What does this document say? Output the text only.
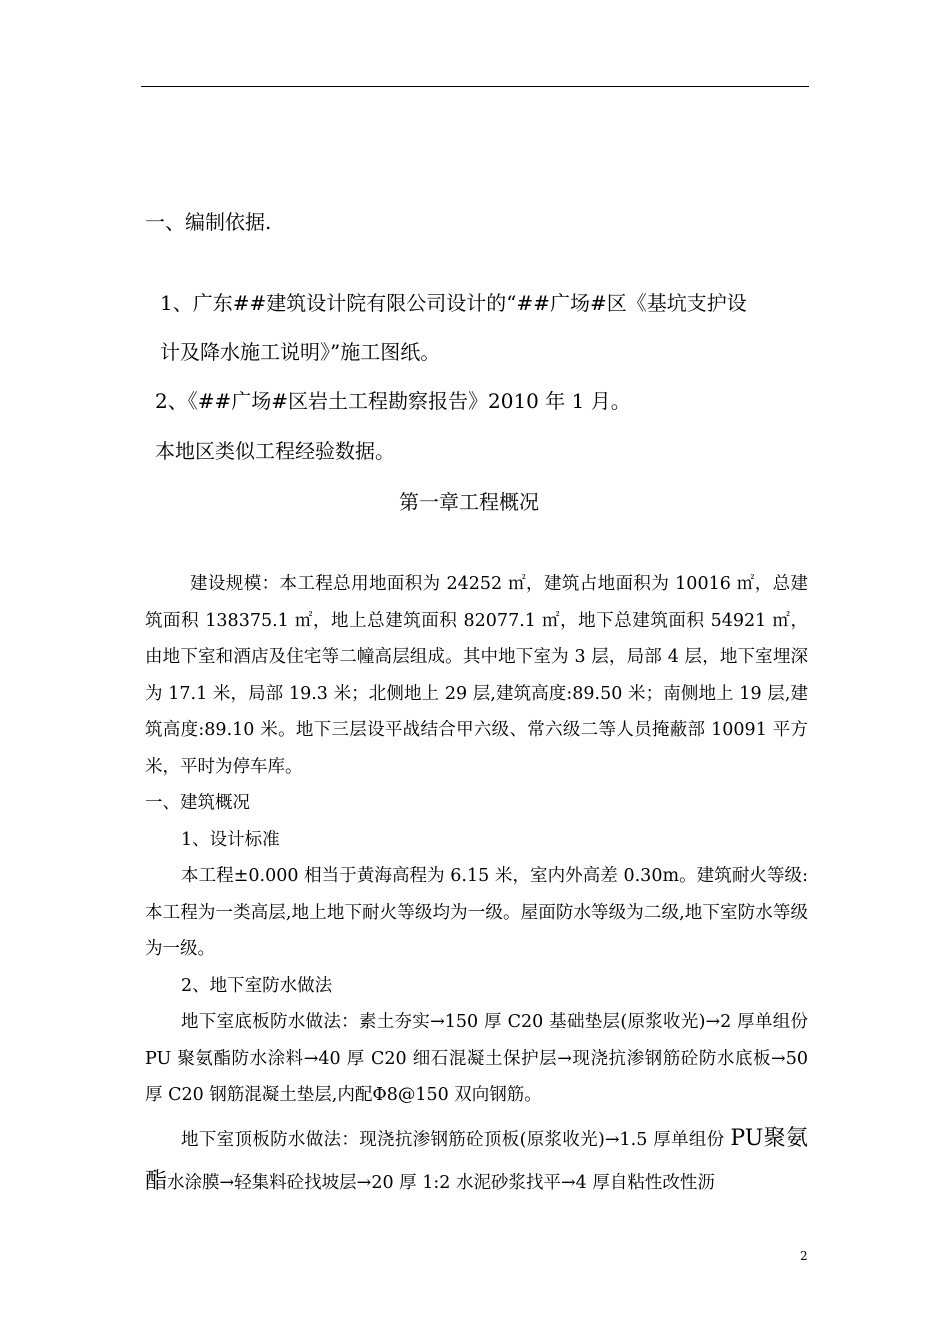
一、编制依据.
1、广东##建筑设计院有限公司设计的“##广场#区《基坑支护设
计及降水施工说明》”施工图纸。
2、《##广场#区岩土工程勘察报告》2010 年 1 月。
本地区类似工程经验数据。
第一章工程概况

建设规模：本工程总用地面积为 24252 ㎡，建筑占地面积为 10016 ㎡，总建筑面积 138375.1 ㎡，地上总建筑面积 82077.1 ㎡，地下总建筑面积 54921 ㎡，由地下室和酒店及住宅等二幢高层组成。其中地下室为 3 层，局部 4 层，地下室埋深为 17.1 米，局部 19.3 米；北侧地上 29 层,建筑高度:89.50 米；南侧地上 19 层,建筑高度:89.10 米。地下三层设平战结合甲六级、常六级二等人员掩蔽部 10091 平方米，平时为停车库。

一、建筑概况

1、设计标准

本工程±0.000 相当于黄海高程为 6.15 米，室内外高差 0.30m。建筑耐火等级:本工程为一类高层,地上地下耐火等级均为一级。屋面防水等级为二级,地下室防水等级为一级。

2、地下室防水做法

地下室底板防水做法：素土夯实→150 厚 C20 基础垫层(原浆收光)→2 厚单组份 PU 聚氨酯防水涂料→40 厚 C20 细石混凝土保护层→现浇抗渗钢筋砼防水底板→50 厚 C20 钢筋混凝土垫层,内配Φ8@150 双向钢筋。

地下室顶板防水做法：现浇抗渗钢筋砼顶板(原浆收光)→1.5 厚单组份 PU聚氨酯水涂膜→轻集料砼找坡层→20 厚 1:2 水泥砂浆找平→4 厚自粘性改性沥

2
